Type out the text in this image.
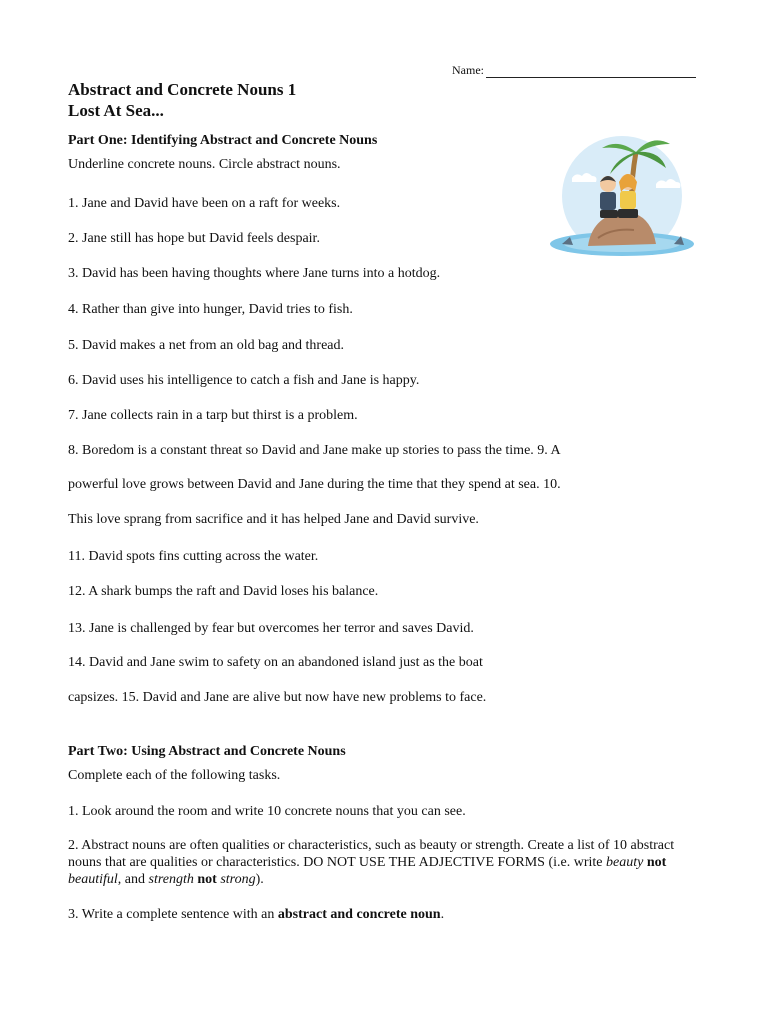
Name:
Abstract and Concrete Nouns 1
Lost At Sea...
Part One: Identifying Abstract and Concrete Nouns
Underline concrete nouns. Circle abstract nouns.
1. Jane and David have been on a raft for weeks.
2. Jane still has hope but David feels despair.
3. David has been having thoughts where Jane turns into a hotdog.
4. Rather than give into hunger, David tries to fish.
5. David makes a net from an old bag and thread.
6. David uses his intelligence to catch a fish and Jane is happy.
7. Jane collects rain in a tarp but thirst is a problem.
8. Boredom is a constant threat so David and Jane make up stories to pass the time. 9. A
powerful love grows between David and Jane during the time that they spend at sea. 10.
This love sprang from sacrifice and it has helped Jane and David survive.
11. David spots fins cutting across the water.
12. A shark bumps the raft and David loses his balance.
13. Jane is challenged by fear but overcomes her terror and saves David.
14. David and Jane swim to safety on an abandoned island just as the boat
capsizes. 15. David and Jane are alive but now have new problems to face.
Part Two: Using Abstract and Concrete Nouns
Complete each of the following tasks.
1. Look around the room and write 10 concrete nouns that you can see.
2. Abstract nouns are often qualities or characteristics, such as beauty or strength. Create a list of 10 abstract nouns that are qualities or characteristics. DO NOT USE THE ADJECTIVE FORMS (i.e. write beauty not beautiful, and strength not strong).
3. Write a complete sentence with an abstract and concrete noun.
